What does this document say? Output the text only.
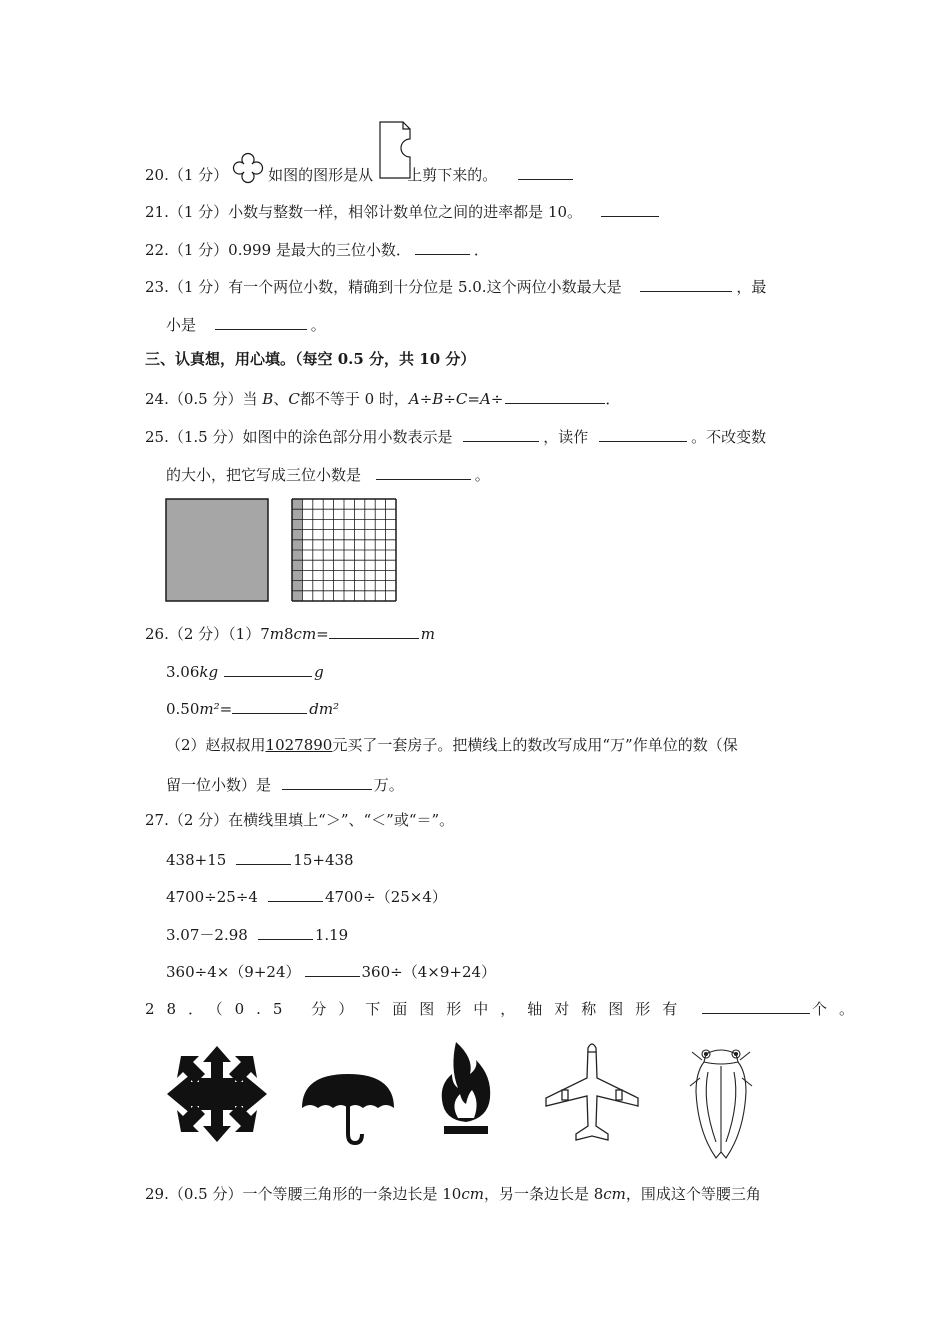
20.（1 分）	如图的图形是从 上剪下来的。
21.（1 分）小数与整数一样，相邻计数单位之间的进率都是 10。
22.（1 分）0.999 是最大的三位小数．	．
23.（1 分）有一个两位小数，精确到十分位是 5.0.这个两位小数最大是	，最
小是	。
三、认真想，用心填。（每空 0.5 分，共 10 分）
24.（0.5 分）当 B、C都不等于 0 时，A÷B÷C=A÷	．
25.（1.5 分）如图中的涂色部分用小数表示是	，读作	。不改变数
的大小，把它写成三位小数是	。
26.（2 分）（1）7m8cm=	m
3.06kg	g
0.50m²=	dm²
（2）赵叔叔用1027890元买了一套房子。把横线上的数改写成用“万”作单位的数（保
留一位小数）是	万。
27.（2 分）在横线里填上“＞”、“＜”或“＝”。
438+15	15+438
4700÷25÷4	4700÷（25×4）
3.07－2.98	1.19
360÷4×（9+24）	360÷（4×9+24）
28．（0.5 分）下面图形中，轴对称图形有	个。
29.（0.5 分）一个等腰三角形的一条边长是 10cm，另一条边长是 8cm，围成这个等腰三角
